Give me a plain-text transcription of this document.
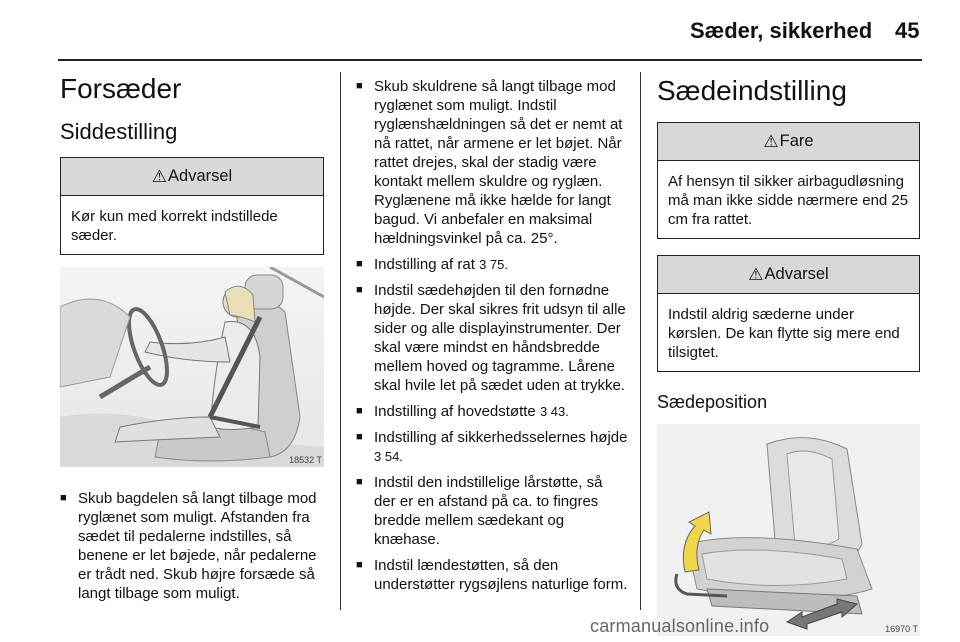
Sæder, sikkerhed 45
Forsæder
Siddestilling
⚠ Advarsel
Kør kun med korrekt indstillede sæder.
18532 T
■ Skub bagdelen så langt tilbage mod ryglænet som muligt. Afstanden fra sædet til pedalerne indstilles, så benene er let bøjede, når pedalerne er trådt ned. Skub højre forsæde så langt tilbage som muligt.
■ Skub skuldrene så langt tilbage mod ryglænet som muligt. Indstil ryglænshældningen så det er nemt at nå rattet, når armene er let bøjet. Når rattet drejes, skal der stadig være kontakt mellem skuldre og ryglæn. Ryglænene må ikke hælde for langt bagud. Vi anbefaler en maksimal hældningsvinkel på ca. 25°.
■ Indstilling af rat 3 75.
■ Indstil sædehøjden til den fornødne højde. Der skal sikres frit udsyn til alle sider og alle displayinstrumenter. Der skal være mindst en håndsbredde mellem hoved og tagramme. Lårene skal hvile let på sædet uden at trykke.
■ Indstilling af hovedstøtte 3 43.
■ Indstilling af sikkerhedsselernes højde 3 54.
■ Indstil den indstillelige lårstøtte, så der er en afstand på ca. to fingres bredde mellem sædekant og knæhase.
■ Indstil lændestøtten, så den understøtter rygsøjlens naturlige form.
Sædeindstilling
⚠ Fare
Af hensyn til sikker airbagudløsning må man ikke sidde nærmere end 25 cm fra rattet.
⚠ Advarsel
Indstil aldrig sæderne under kørslen. De kan flytte sig mere end tilsigtet.
Sædeposition
16970 T
carmanualsonline.info
